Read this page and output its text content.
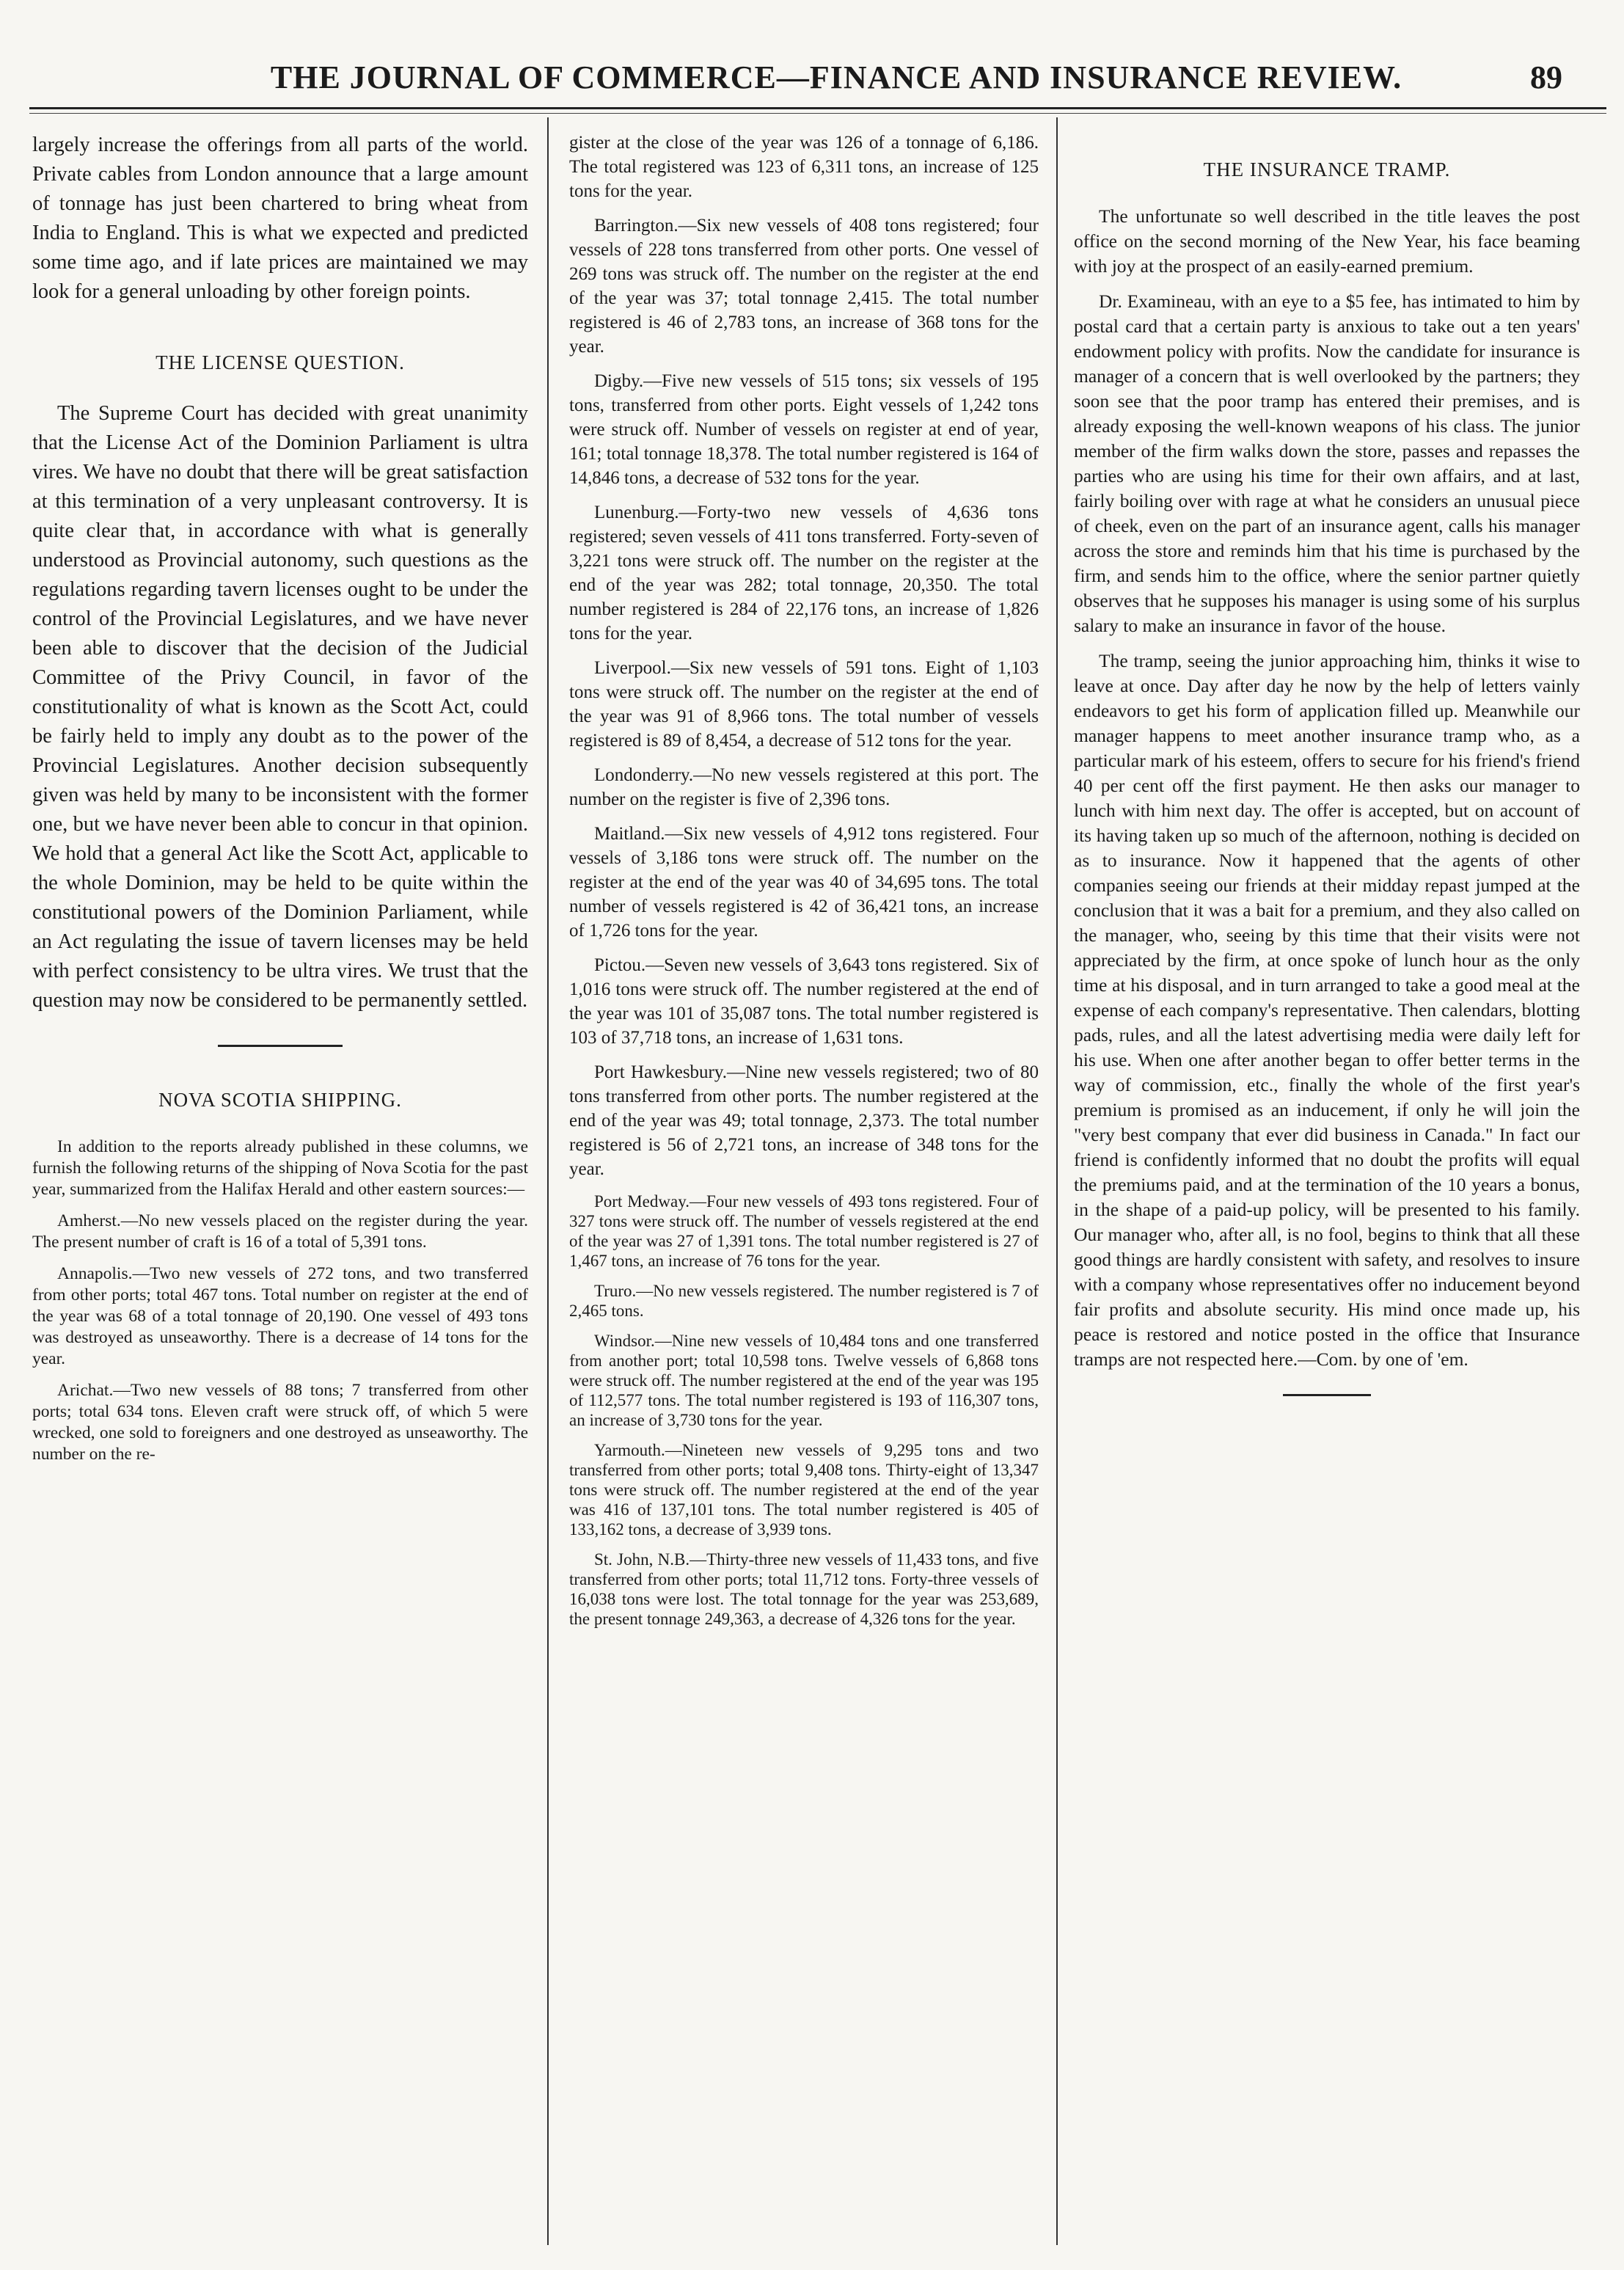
THE JOURNAL OF COMMERCE—FINANCE AND INSURANCE REVIEW.	89

largely increase the offerings from all parts of the world. Private cables from London announce that a large amount of tonnage has just been chartered to bring wheat from India to England. This is what we expected and predicted some time ago, and if late prices are maintained we may look for a general unloading by other foreign points.

THE LICENSE QUESTION.

The Supreme Court has decided with great unanimity that the License Act of the Dominion Parliament is ultra vires. We have no doubt that there will be great satisfaction at this termination of a very unpleasant controversy. It is quite clear that, in accordance with what is generally understood as Provincial autonomy, such questions as the regulations regarding tavern licenses ought to be under the control of the Provincial Legislatures, and we have never been able to discover that the decision of the Judicial Committee of the Privy Council, in favor of the constitutionality of what is known as the Scott Act, could be fairly held to imply any doubt as to the power of the Provincial Legislatures. Another decision subsequently given was held by many to be inconsistent with the former one, but we have never been able to concur in that opinion. We hold that a general Act like the Scott Act, applicable to the whole Dominion, may be held to be quite within the constitutional powers of the Dominion Parliament, while an Act regulating the issue of tavern licenses may be held with perfect consistency to be ultra vires. We trust that the question may now be considered to be permanently settled.

NOVA SCOTIA SHIPPING.

In addition to the reports already published in these columns, we furnish the following returns of the shipping of Nova Scotia for the past year, summarized from the Halifax Herald and other eastern sources:—

Amherst.—No new vessels placed on the register during the year. The present number of craft is 16 of a total of 5,391 tons.

Annapolis.—Two new vessels of 272 tons, and two transferred from other ports; total 467 tons. Total number on register at the end of the year was 68 of a total tonnage of 20,190. One vessel of 493 tons was destroyed as unseaworthy. There is a decrease of 14 tons for the year.

Arichat.—Two new vessels of 88 tons; 7 transferred from other ports; total 634 tons. Eleven craft were struck off, of which 5 were wrecked, one sold to foreigners and one destroyed as unseaworthy. The number on the re-

gister at the close of the year was 126 of a tonnage of 6,186. The total registered was 123 of 6,311 tons, an increase of 125 tons for the year.

Barrington.—Six new vessels of 408 tons registered; four vessels of 228 tons transferred from other ports. One vessel of 269 tons was struck off. The number on the register at the end of the year was 37; total tonnage 2,415. The total number registered is 46 of 2,783 tons, an increase of 368 tons for the year.

Digby.—Five new vessels of 515 tons; six vessels of 195 tons, transferred from other ports. Eight vessels of 1,242 tons were struck off. Number of vessels on register at end of year, 161; total tonnage 18,378. The total number registered is 164 of 14,846 tons, a decrease of 532 tons for the year.

Lunenburg.—Forty-two new vessels of 4,636 tons registered; seven vessels of 411 tons transferred. Forty-seven of 3,221 tons were struck off. The number on the register at the end of the year was 282; total tonnage, 20,350. The total number registered is 284 of 22,176 tons, an increase of 1,826 tons for the year.

Liverpool.—Six new vessels of 591 tons. Eight of 1,103 tons were struck off. The number on the register at the end of the year was 91 of 8,966 tons. The total number of vessels registered is 89 of 8,454, a decrease of 512 tons for the year.

Londonderry.—No new vessels registered at this port. The number on the register is five of 2,396 tons.

Maitland.—Six new vessels of 4,912 tons registered. Four vessels of 3,186 tons were struck off. The number on the register at the end of the year was 40 of 34,695 tons. The total number of vessels registered is 42 of 36,421 tons, an increase of 1,726 tons for the year.

Pictou.—Seven new vessels of 3,643 tons registered. Six of 1,016 tons were struck off. The number registered at the end of the year was 101 of 35,087 tons. The total number registered is 103 of 37,718 tons, an increase of 1,631 tons.

Port Hawkesbury.—Nine new vessels registered; two of 80 tons transferred from other ports. The number registered at the end of the year was 49; total tonnage, 2,373. The total number registered is 56 of 2,721 tons, an increase of 348 tons for the year.

Port Medway.—Four new vessels of 493 tons registered. Four of 327 tons were struck off. The number of vessels registered at the end of the year was 27 of 1,391 tons. The total number registered is 27 of 1,467 tons, an increase of 76 tons for the year.

Truro.—No new vessels registered. The number registered is 7 of 2,465 tons.

Windsor.—Nine new vessels of 10,484 tons and one transferred from another port; total 10,598 tons. Twelve vessels of 6,868 tons were struck off. The number registered at the end of the year was 195 of 112,577 tons. The total number registered is 193 of 116,307 tons, an increase of 3,730 tons for the year.

Yarmouth.—Nineteen new vessels of 9,295 tons and two transferred from other ports; total 9,408 tons. Thirty-eight of 13,347 tons were struck off. The number registered at the end of the year was 416 of 137,101 tons. The total number registered is 405 of 133,162 tons, a decrease of 3,939 tons.

St. John, N.B.—Thirty-three new vessels of 11,433 tons, and five transferred from other ports; total 11,712 tons. Forty-three vessels of 16,038 tons were lost. The total tonnage for the year was 253,689, the present tonnage 249,363, a decrease of 4,326 tons for the year.

THE INSURANCE TRAMP.

The unfortunate so well described in the title leaves the post office on the second morning of the New Year, his face beaming with joy at the prospect of an easily-earned premium.

Dr. Examineau, with an eye to a $5 fee, has intimated to him by postal card that a certain party is anxious to take out a ten years' endowment policy with profits. Now the candidate for insurance is manager of a concern that is well overlooked by the partners; they soon see that the poor tramp has entered their premises, and is already exposing the well-known weapons of his class. The junior member of the firm walks down the store, passes and repasses the parties who are using his time for their own affairs, and at last, fairly boiling over with rage at what he considers an unusual piece of cheek, even on the part of an insurance agent, calls his manager across the store and reminds him that his time is purchased by the firm, and sends him to the office, where the senior partner quietly observes that he supposes his manager is using some of his surplus salary to make an insurance in favor of the house.

The tramp, seeing the junior approaching him, thinks it wise to leave at once. Day after day he now by the help of letters vainly endeavors to get his form of application filled up. Meanwhile our manager happens to meet another insurance tramp who, as a particular mark of his esteem, offers to secure for his friend's friend 40 per cent off the first payment. He then asks our manager to lunch with him next day. The offer is accepted, but on account of its having taken up so much of the afternoon, nothing is decided on as to insurance. Now it happened that the agents of other companies seeing our friends at their midday repast jumped at the conclusion that it was a bait for a premium, and they also called on the manager, who, seeing by this time that their visits were not appreciated by the firm, at once spoke of lunch hour as the only time at his disposal, and in turn arranged to take a good meal at the expense of each company's representative. Then calendars, blotting pads, rules, and all the latest advertising media were daily left for his use. When one after another began to offer better terms in the way of commission, etc., finally the whole of the first year's premium is promised as an inducement, if only he will join the "very best company that ever did business in Canada." In fact our friend is confidently informed that no doubt the profits will equal the premiums paid, and at the termination of the 10 years a bonus, in the shape of a paid-up policy, will be presented to his family. Our manager who, after all, is no fool, begins to think that all these good things are hardly consistent with safety, and resolves to insure with a company whose representatives offer no inducement beyond fair profits and absolute security. His mind once made up, his peace is restored and notice posted in the office that Insurance tramps are not respected here.—Com. by one of 'em.
